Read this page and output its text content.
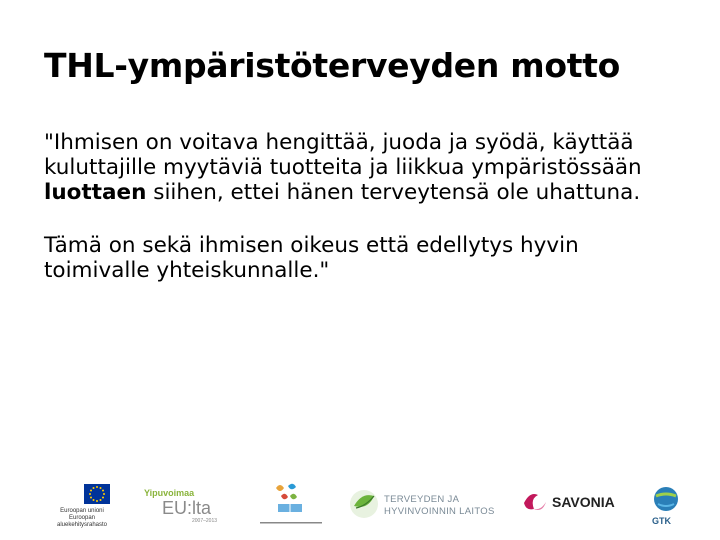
THL-ympäristöterveyden motto

"Ihmisen on voitava hengittää, juoda ja syödä, käyttää kuluttajille myytäviä tuotteita ja liikkua ympäristössään luottaen siihen, ettei hänen terveytensä ole uhattuna.

Tämä on sekä ihmisen oikeus että edellytys hyvin toimivalle yhteiskunnalle."

Euroopan unioni
Euroopan aluekehitysrahasto
Yipuvoimaa
EU:lta
2007–2013
TERVEYDEN JA
HYVINVOINNIN LAITOS
SAVONIA
GTK
